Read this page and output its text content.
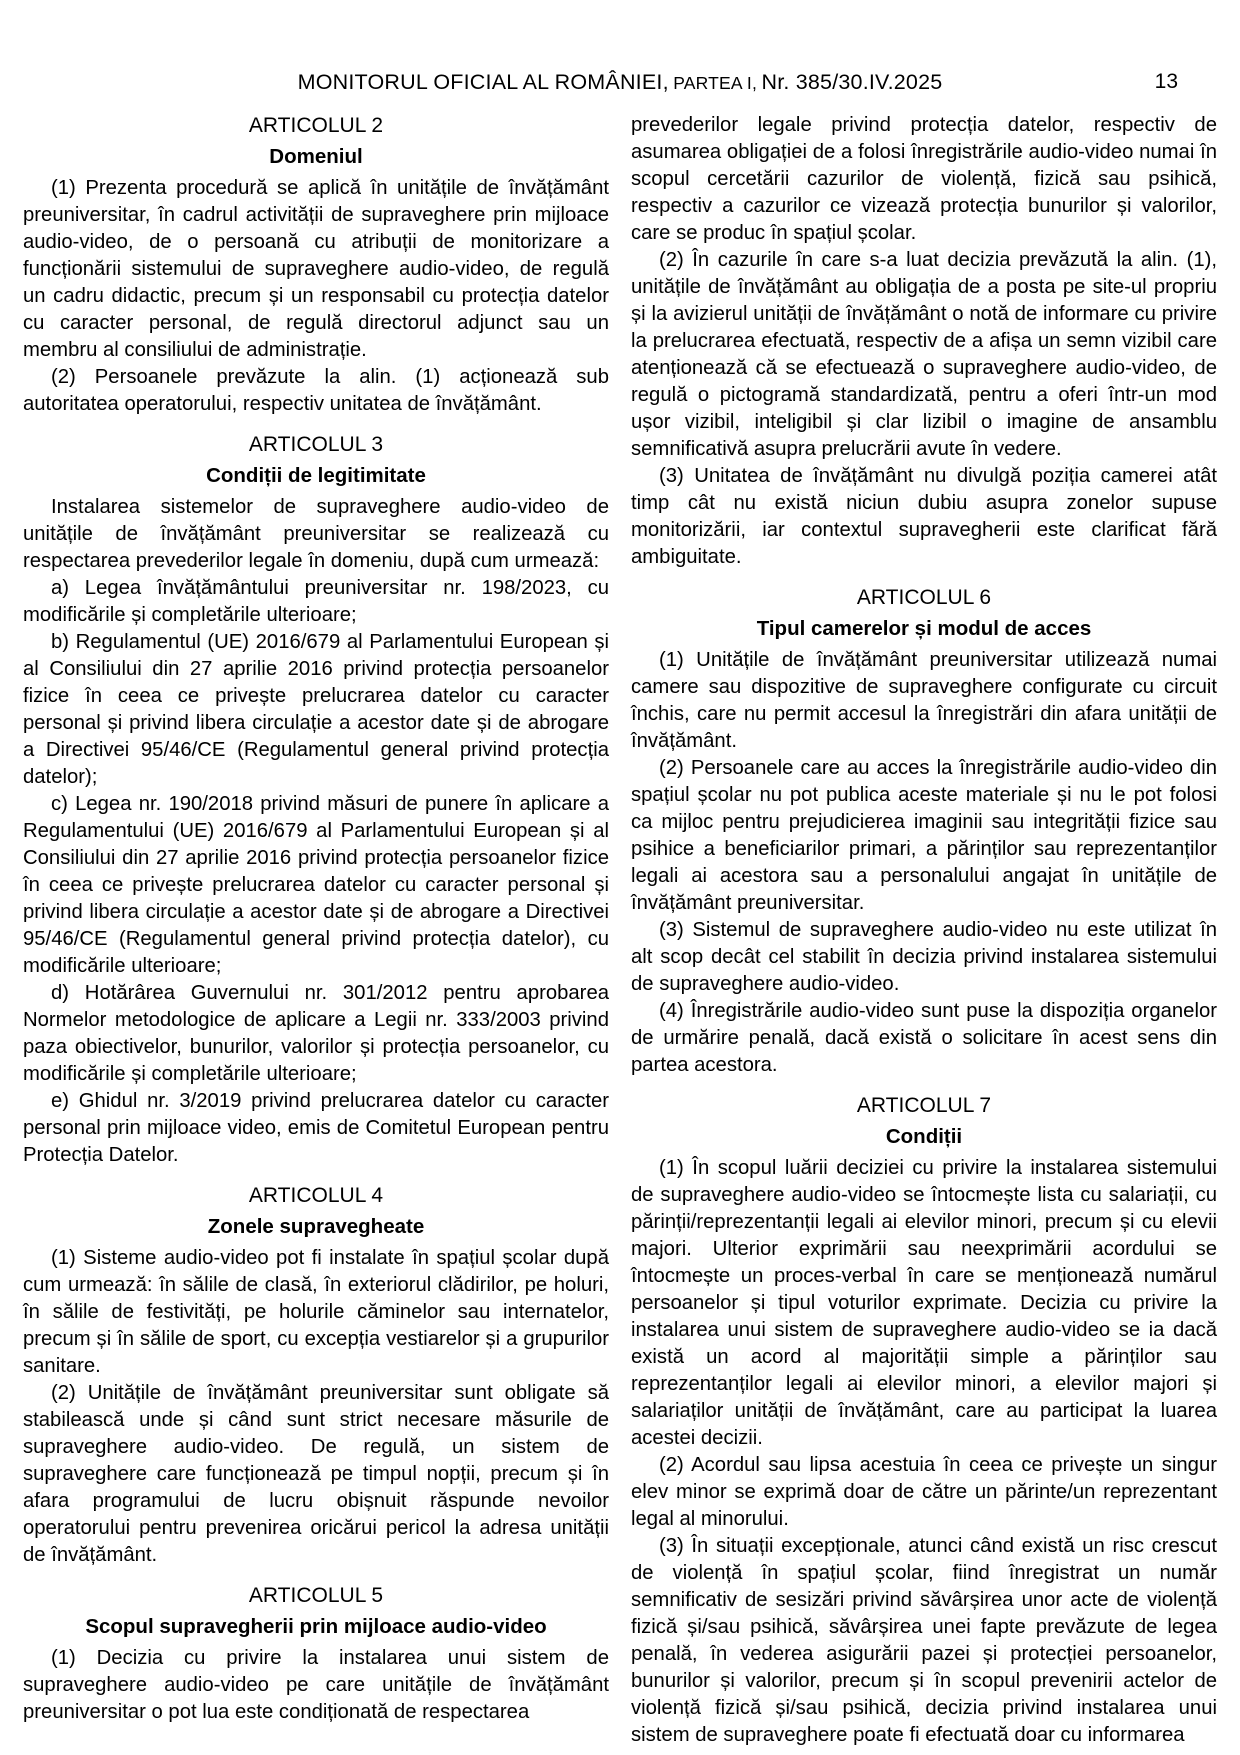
MONITORUL OFICIAL AL ROMÂNIEI, PARTEA I, Nr. 385/30.IV.2025	13
ARTICOLUL 2
Domeniul
(1) Prezenta procedură se aplică în unitățile de învățământ preuniversitar, în cadrul activității de supraveghere prin mijloace audio-video, de o persoană cu atribuții de monitorizare a funcționării sistemului de supraveghere audio-video, de regulă un cadru didactic, precum și un responsabil cu protecția datelor cu caracter personal, de regulă directorul adjunct sau un membru al consiliului de administrație.
(2) Persoanele prevăzute la alin. (1) acționează sub autoritatea operatorului, respectiv unitatea de învățământ.
ARTICOLUL 3
Condiții de legitimitate
Instalarea sistemelor de supraveghere audio-video de unitățile de învățământ preuniversitar se realizează cu respectarea prevederilor legale în domeniu, după cum urmează:
a) Legea învățământului preuniversitar nr. 198/2023, cu modificările și completările ulterioare;
b) Regulamentul (UE) 2016/679 al Parlamentului European și al Consiliului din 27 aprilie 2016 privind protecția persoanelor fizice în ceea ce privește prelucrarea datelor cu caracter personal și privind libera circulație a acestor date și de abrogare a Directivei 95/46/CE (Regulamentul general privind protecția datelor);
c) Legea nr. 190/2018 privind măsuri de punere în aplicare a Regulamentului (UE) 2016/679 al Parlamentului European și al Consiliului din 27 aprilie 2016 privind protecția persoanelor fizice în ceea ce privește prelucrarea datelor cu caracter personal și privind libera circulație a acestor date și de abrogare a Directivei 95/46/CE (Regulamentul general privind protecția datelor), cu modificările ulterioare;
d) Hotărârea Guvernului nr. 301/2012 pentru aprobarea Normelor metodologice de aplicare a Legii nr. 333/2003 privind paza obiectivelor, bunurilor, valorilor și protecția persoanelor, cu modificările și completările ulterioare;
e) Ghidul nr. 3/2019 privind prelucrarea datelor cu caracter personal prin mijloace video, emis de Comitetul European pentru Protecția Datelor.
ARTICOLUL 4
Zonele supravegheate
(1) Sisteme audio-video pot fi instalate în spațiul școlar după cum urmează: în sălile de clasă, în exteriorul clădirilor, pe holuri, în sălile de festivități, pe holurile căminelor sau internatelor, precum și în sălile de sport, cu excepția vestiarelor și a grupurilor sanitare.
(2) Unitățile de învățământ preuniversitar sunt obligate să stabilească unde și când sunt strict necesare măsurile de supraveghere audio-video. De regulă, un sistem de supraveghere care funcționează pe timpul nopții, precum și în afara programului de lucru obișnuit răspunde nevoilor operatorului pentru prevenirea oricărui pericol la adresa unității de învățământ.
ARTICOLUL 5
Scopul supravegherii prin mijloace audio-video
(1) Decizia cu privire la instalarea unui sistem de supraveghere audio-video pe care unitățile de învățământ preuniversitar o pot lua este condiționată de respectarea
prevederilor legale privind protecția datelor, respectiv de asumarea obligației de a folosi înregistrările audio-video numai în scopul cercetării cazurilor de violență, fizică sau psihică, respectiv a cazurilor ce vizează protecția bunurilor și valorilor, care se produc în spațiul școlar.
(2) În cazurile în care s-a luat decizia prevăzută la alin. (1), unitățile de învățământ au obligația de a posta pe site-ul propriu și la avizierul unității de învățământ o notă de informare cu privire la prelucrarea efectuată, respectiv de a afișa un semn vizibil care atenționează că se efectuează o supraveghere audio-video, de regulă o pictogramă standardizată, pentru a oferi într-un mod ușor vizibil, inteligibil și clar lizibil o imagine de ansamblu semnificativă asupra prelucrării avute în vedere.
(3) Unitatea de învățământ nu divulgă poziția camerei atât timp cât nu există niciun dubiu asupra zonelor supuse monitorizării, iar contextul supravegherii este clarificat fără ambiguitate.
ARTICOLUL 6
Tipul camerelor și modul de acces
(1) Unitățile de învățământ preuniversitar utilizează numai camere sau dispozitive de supraveghere configurate cu circuit închis, care nu permit accesul la înregistrări din afara unității de învățământ.
(2) Persoanele care au acces la înregistrările audio-video din spațiul școlar nu pot publica aceste materiale și nu le pot folosi ca mijloc pentru prejudicierea imaginii sau integrității fizice sau psihice a beneficiarilor primari, a părinților sau reprezentanților legali ai acestora sau a personalului angajat în unitățile de învățământ preuniversitar.
(3) Sistemul de supraveghere audio-video nu este utilizat în alt scop decât cel stabilit în decizia privind instalarea sistemului de supraveghere audio-video.
(4) Înregistrările audio-video sunt puse la dispoziția organelor de urmărire penală, dacă există o solicitare în acest sens din partea acestora.
ARTICOLUL 7
Condiții
(1) În scopul luării deciziei cu privire la instalarea sistemului de supraveghere audio-video se întocmește lista cu salariații, cu părinții/reprezentanții legali ai elevilor minori, precum și cu elevii majori. Ulterior exprimării sau neexprimării acordului se întocmește un proces-verbal în care se menționează numărul persoanelor și tipul voturilor exprimate. Decizia cu privire la instalarea unui sistem de supraveghere audio-video se ia dacă există un acord al majorității simple a părinților sau reprezentanților legali ai elevilor minori, a elevilor majori și salariaților unității de învățământ, care au participat la luarea acestei decizii.
(2) Acordul sau lipsa acestuia în ceea ce privește un singur elev minor se exprimă doar de către un părinte/un reprezentant legal al minorului.
(3) În situații excepționale, atunci când există un risc crescut de violență în spațiul școlar, fiind înregistrat un număr semnificativ de sesizări privind săvârșirea unor acte de violență fizică și/sau psihică, săvârșirea unei fapte prevăzute de legea penală, în vederea asigurării pazei și protecției persoanelor, bunurilor și valorilor, precum și în scopul prevenirii actelor de violență fizică și/sau psihică, decizia privind instalarea unui sistem de supraveghere poate fi efectuată doar cu informarea
